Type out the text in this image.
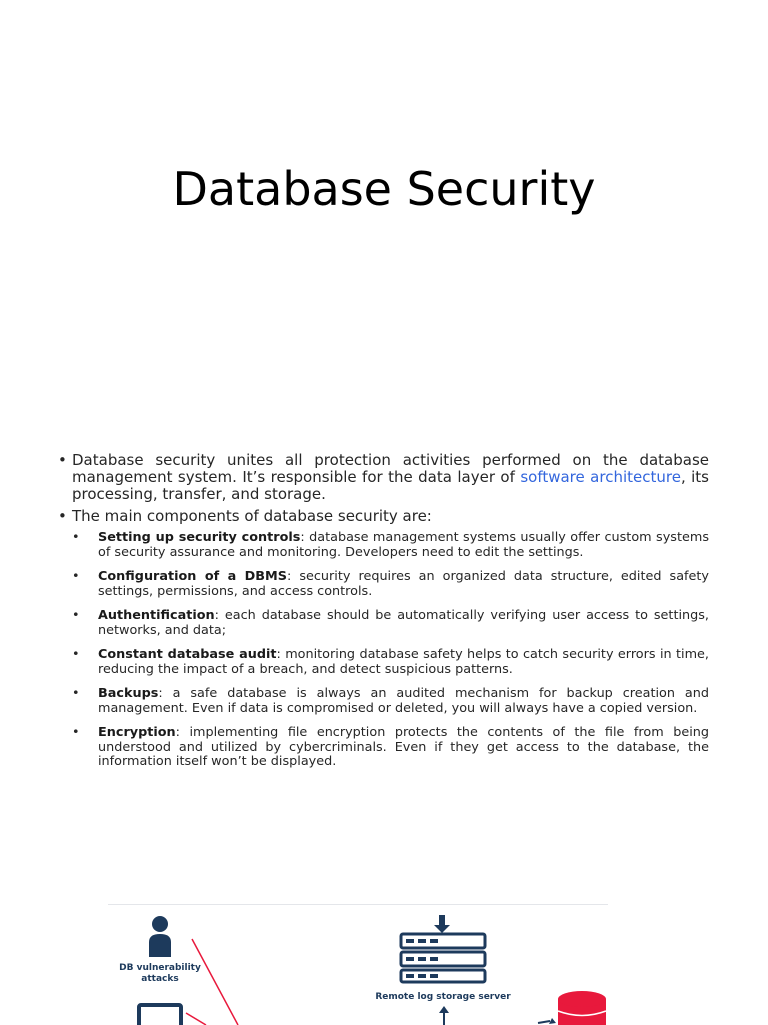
Database Security
• Database security unites all protection activities performed on the database management system. It’s responsible for the data layer of software architecture, its processing, transfer, and storage.
• The main components of database security are:
•	Setting up security controls: database management systems usually offer custom systems of security assurance and monitoring. Developers need to edit the settings.
•	Configuration of a DBMS: security requires an organized data structure, edited safety settings, permissions, and access controls.
•	Authentification: each database should be automatically verifying user access to settings, networks, and data;
•	Constant database audit: monitoring database safety helps to catch security errors in time, reducing the impact of a breach, and detect suspicious patterns.
•	Backups: a safe database is always an audited mechanism for backup creation and management. Even if data is compromised or deleted, you will always have a copied version.
•	Encryption: implementing file encryption protects the contents of the file from being understood and utilized by cybercriminals. Even if they get access to the database, the information itself won’t be displayed.
DB vulnerability attacks
Remote log storage server
